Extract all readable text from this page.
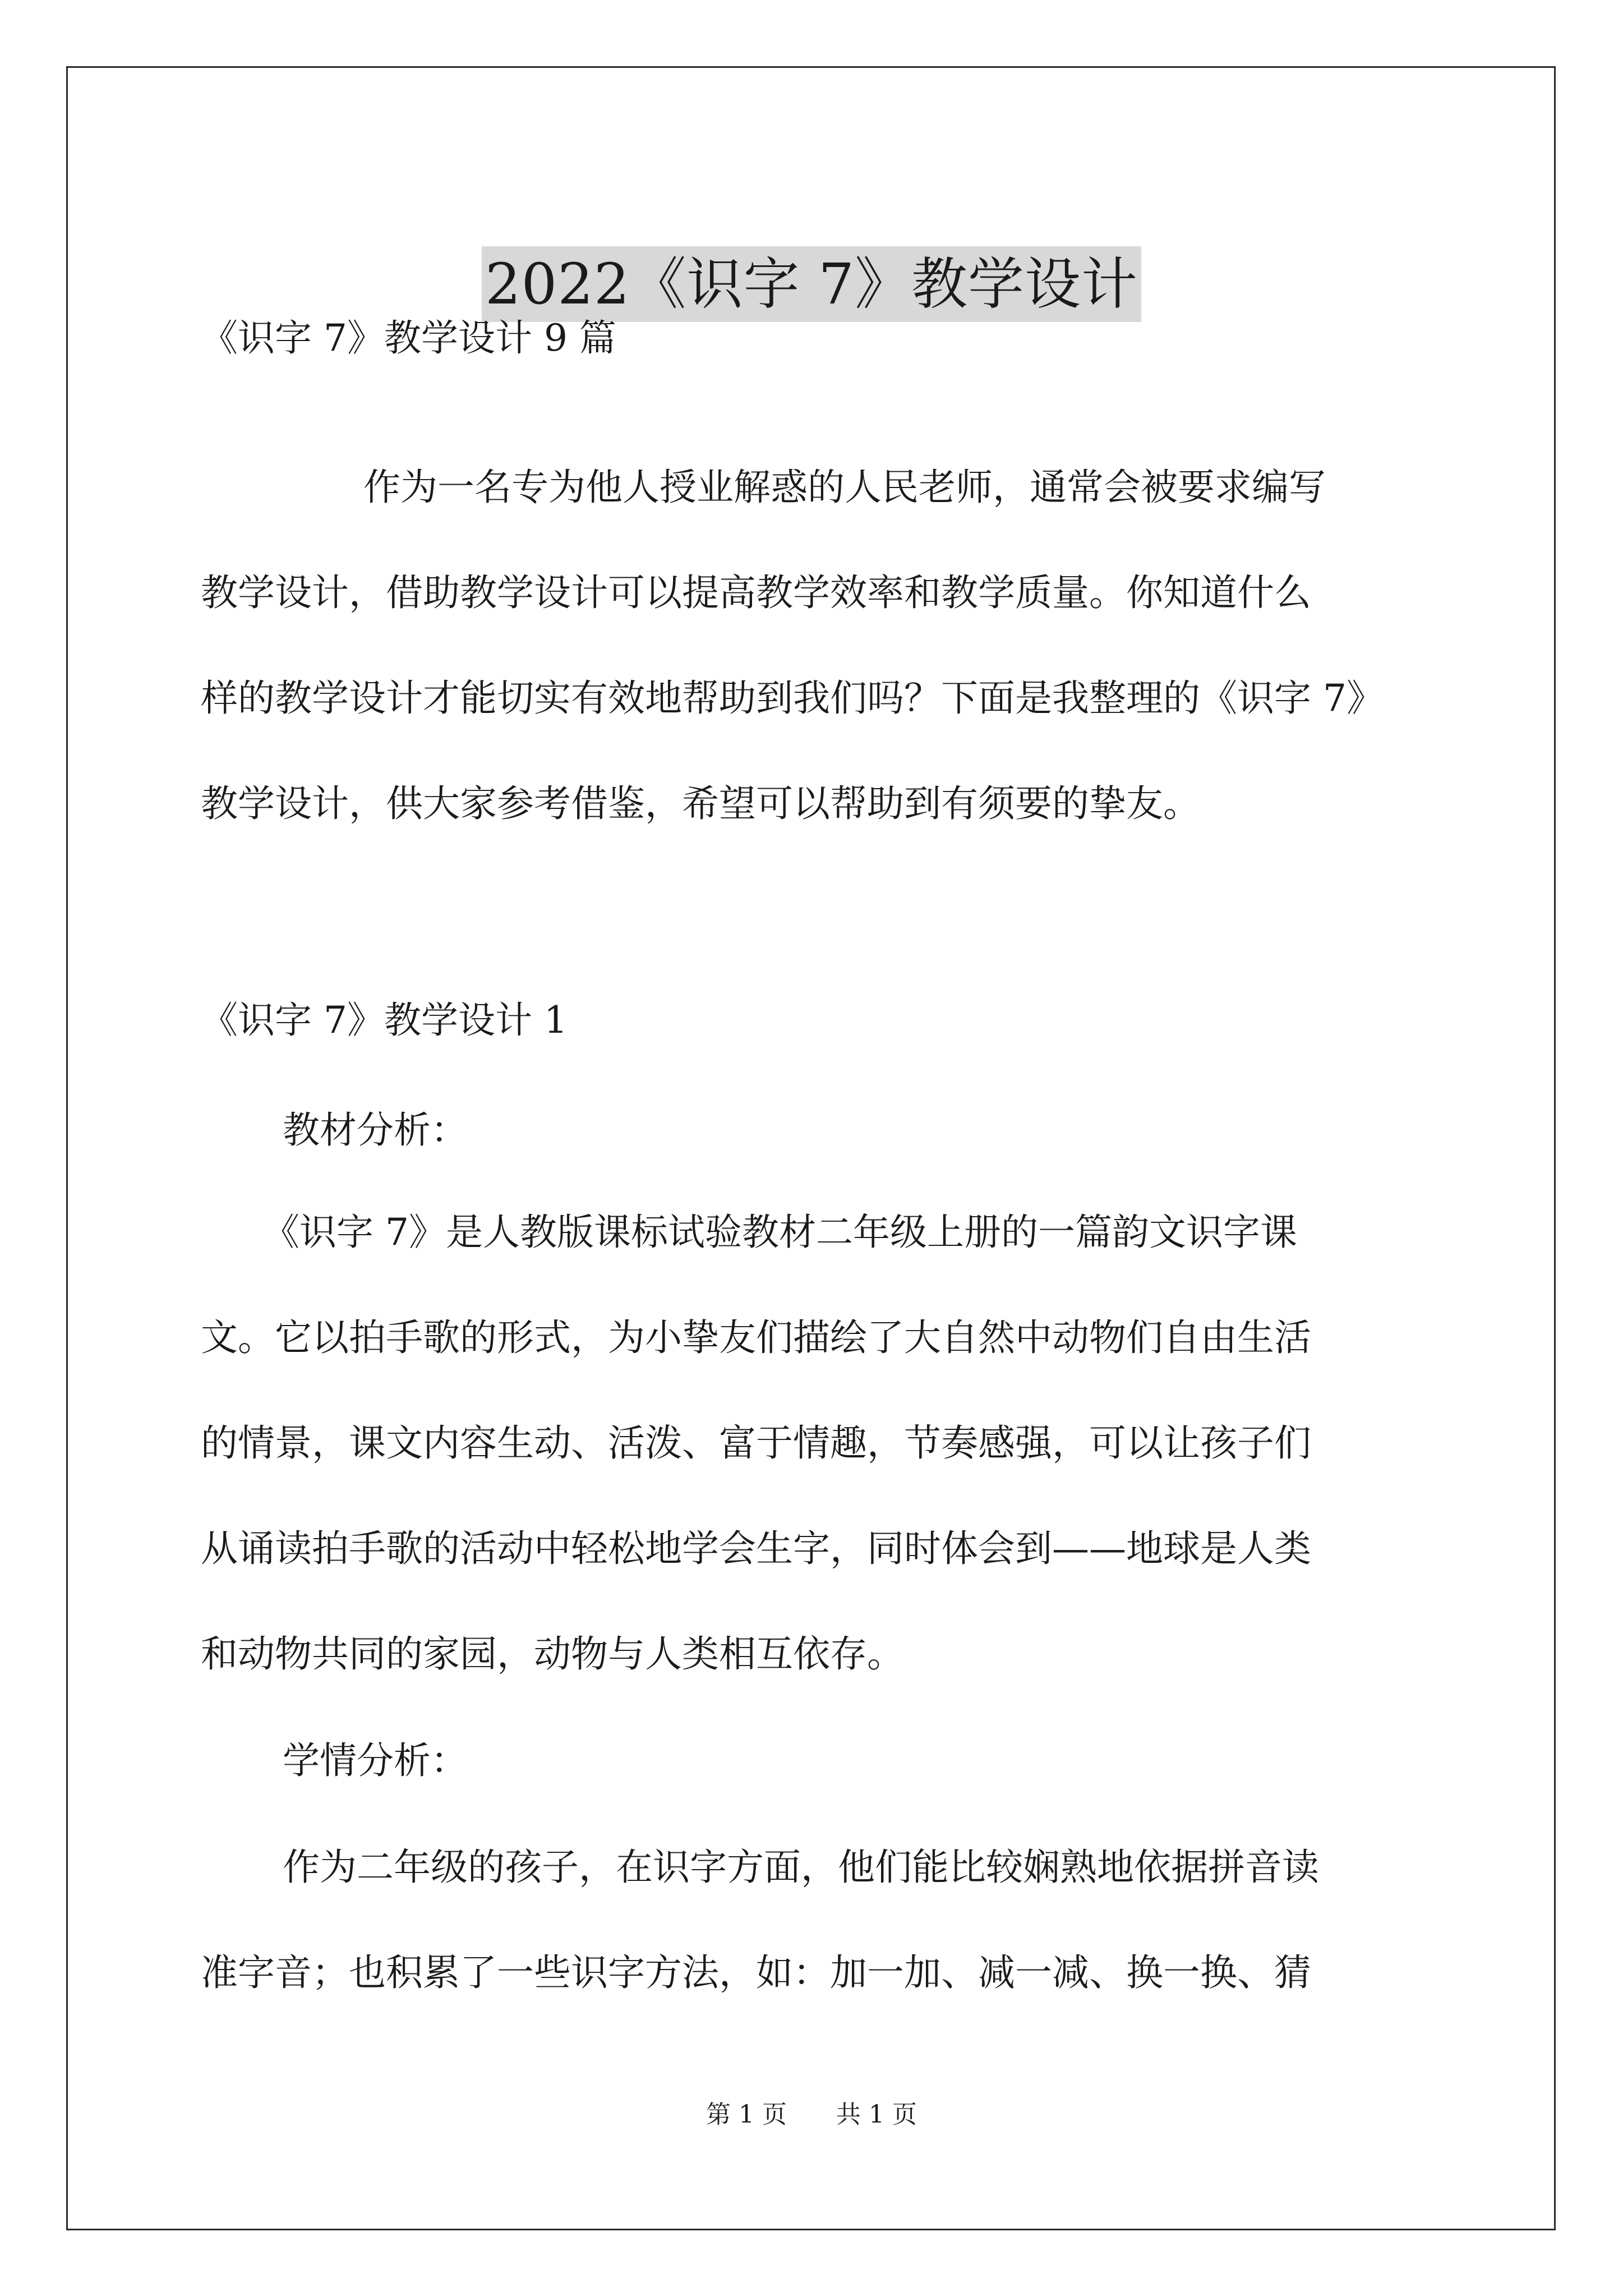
2022《识字 7》教学设计
《识字 7》教学设计 9 篇
作为一名专为他人授业解惑的人民老师，通常会被要求编写
教学设计，借助教学设计可以提高教学效率和教学质量。你知道什么
样的教学设计才能切实有效地帮助到我们吗？下面是我整理的《识字 7》
教学设计，供大家参考借鉴，希望可以帮助到有须要的挚友。
《识字 7》教学设计 1
教材分析：
《识字 7》是人教版课标试验教材二年级上册的一篇韵文识字课
文。它以拍手歌的形式，为小挚友们描绘了大自然中动物们自由生活
的情景，课文内容生动、活泼、富于情趣，节奏感强，可以让孩子们
从诵读拍手歌的活动中轻松地学会生字，同时体会到——地球是人类
和动物共同的家园，动物与人类相互依存。
学情分析：
作为二年级的孩子，在识字方面，他们能比较娴熟地依据拼音读
准字音；也积累了一些识字方法，如：加一加、减一减、换一换、猜
第 1 页 共 1 页
